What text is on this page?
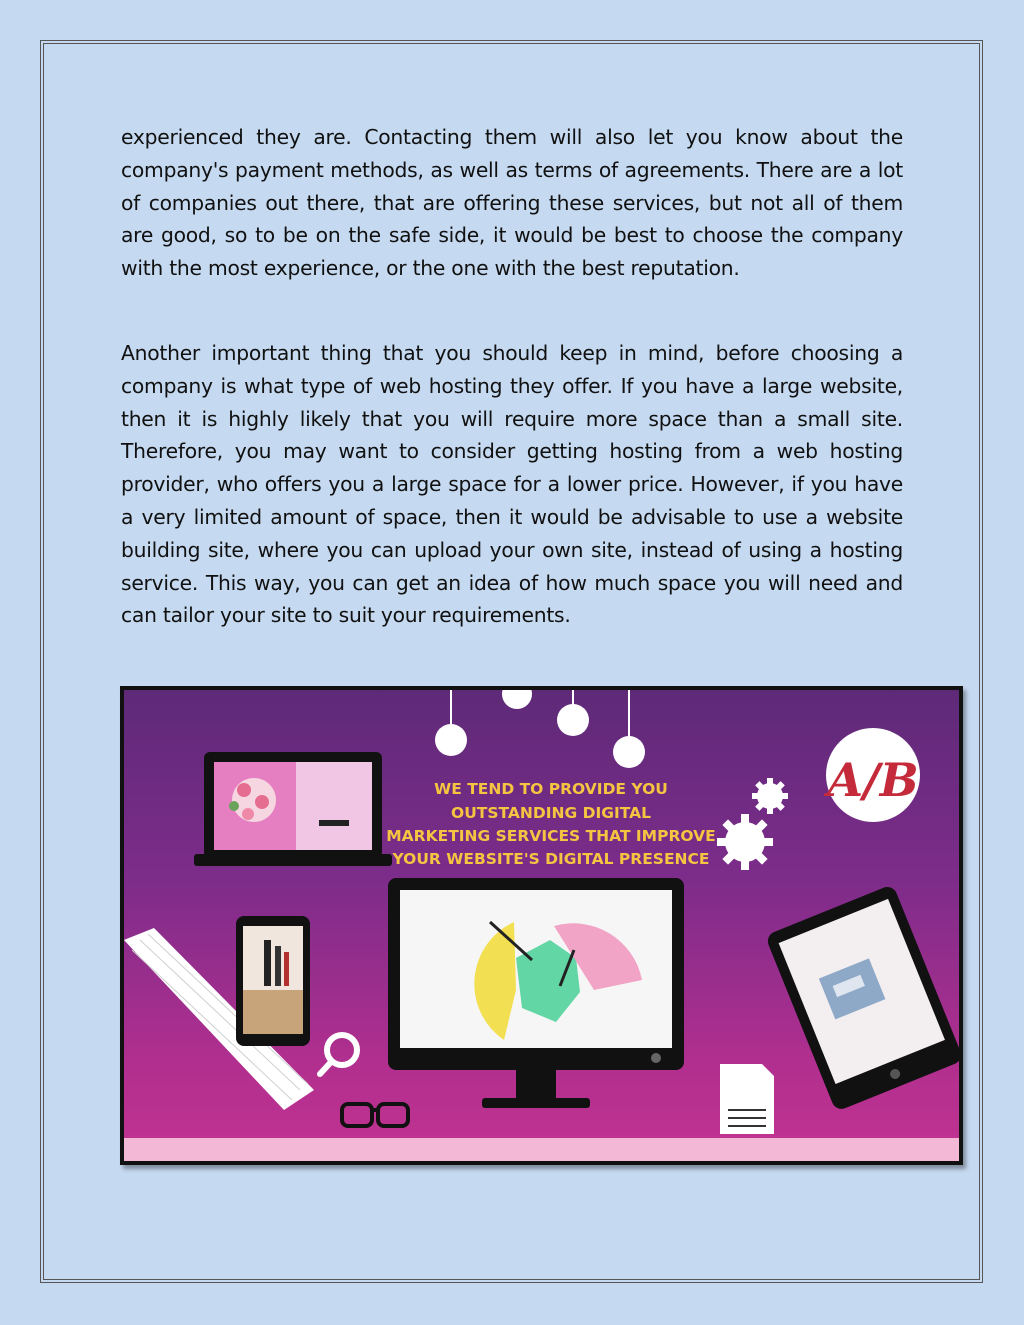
experienced they are. Contacting them will also let you know about the company's payment methods, as well as terms of agreements. There are a lot of companies out there, that are offering these services, but not all of them are good, so to be on the safe side, it would be best to choose the company with the most experience, or the one with the best reputation.

Another important thing that you should keep in mind, before choosing a company is what type of web hosting they offer. If you have a large website, then it is highly likely that you will require more space than a small site. Therefore, you may want to consider getting hosting from a web hosting provider, who offers you a large space for a lower price. However, if you have a very limited amount of space, then it would be advisable to use a website building site, where you can upload your own site, instead of using a hosting service. This way, you can get an idea of how much space you will need and can tailor your site to suit your requirements.

WE TEND TO PROVIDE YOU
OUTSTANDING DIGITAL
MARKETING SERVICES THAT IMPROVE
YOUR WEBSITE'S DIGITAL PRESENCE
A/B
